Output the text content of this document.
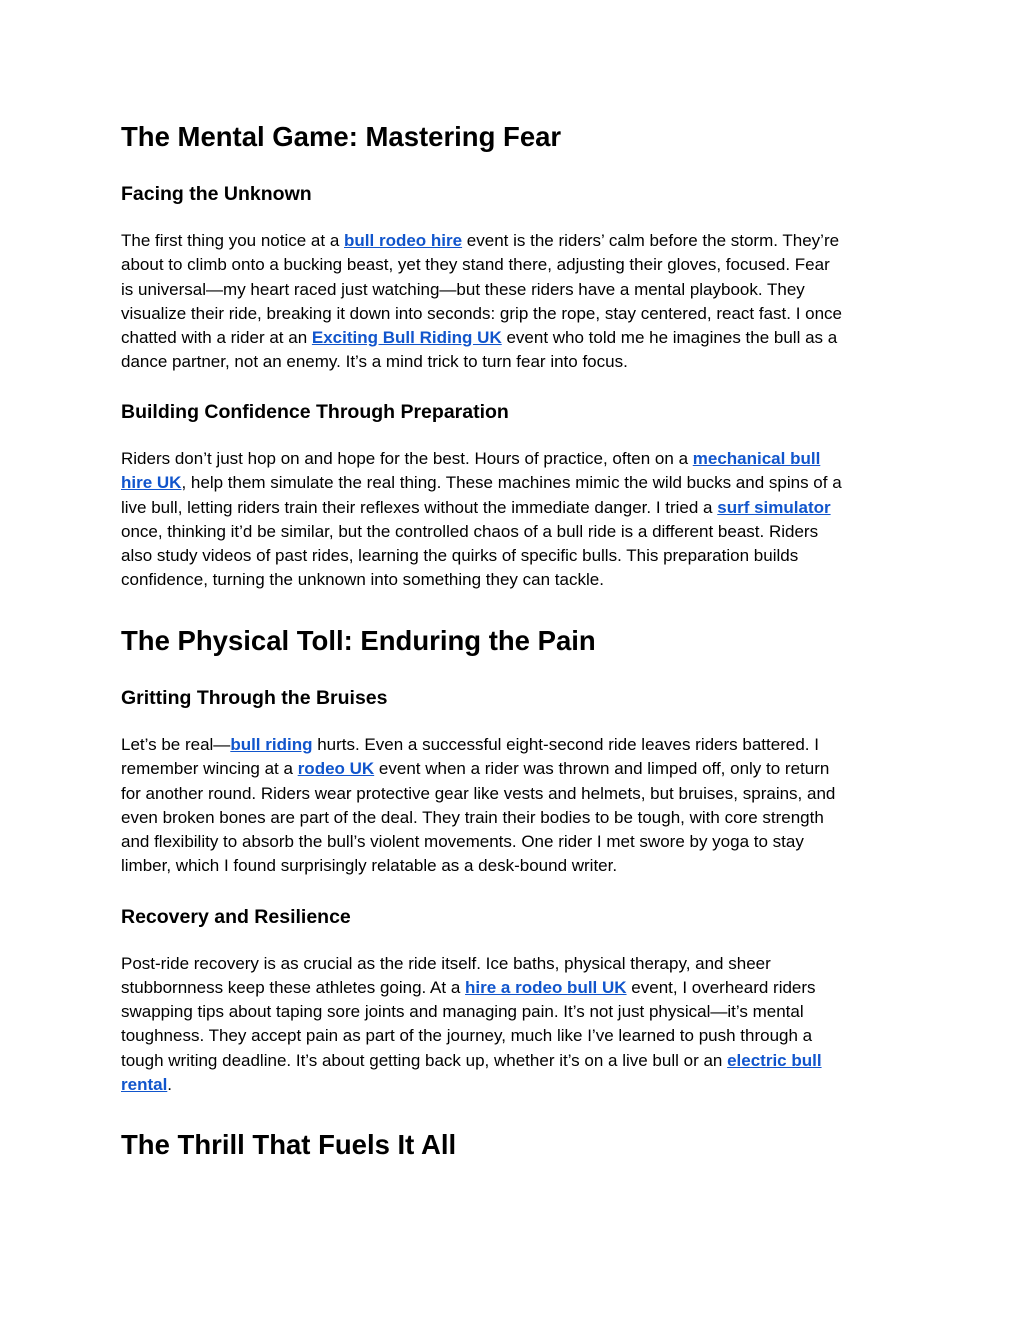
The Mental Game: Mastering Fear
Facing the Unknown
The first thing you notice at a bull rodeo hire event is the riders’ calm before the storm. They’re
about to climb onto a bucking beast, yet they stand there, adjusting their gloves, focused. Fear
is universal—my heart raced just watching—but these riders have a mental playbook. They
visualize their ride, breaking it down into seconds: grip the rope, stay centered, react fast. I once
chatted with a rider at an Exciting Bull Riding UK event who told me he imagines the bull as a
dance partner, not an enemy. It’s a mind trick to turn fear into focus.
Building Confidence Through Preparation
Riders don’t just hop on and hope for the best. Hours of practice, often on a mechanical bull
hire UK, help them simulate the real thing. These machines mimic the wild bucks and spins of a
live bull, letting riders train their reflexes without the immediate danger. I tried a surf simulator
once, thinking it’d be similar, but the controlled chaos of a bull ride is a different beast. Riders
also study videos of past rides, learning the quirks of specific bulls. This preparation builds
confidence, turning the unknown into something they can tackle.
The Physical Toll: Enduring the Pain
Gritting Through the Bruises
Let’s be real—bull riding hurts. Even a successful eight-second ride leaves riders battered. I
remember wincing at a rodeo UK event when a rider was thrown and limped off, only to return
for another round. Riders wear protective gear like vests and helmets, but bruises, sprains, and
even broken bones are part of the deal. They train their bodies to be tough, with core strength
and flexibility to absorb the bull’s violent movements. One rider I met swore by yoga to stay
limber, which I found surprisingly relatable as a desk-bound writer.
Recovery and Resilience
Post-ride recovery is as crucial as the ride itself. Ice baths, physical therapy, and sheer
stubbornness keep these athletes going. At a hire a rodeo bull UK event, I overheard riders
swapping tips about taping sore joints and managing pain. It’s not just physical—it’s mental
toughness. They accept pain as part of the journey, much like I’ve learned to push through a
tough writing deadline. It’s about getting back up, whether it’s on a live bull or an electric bull
rental.
The Thrill That Fuels It All
